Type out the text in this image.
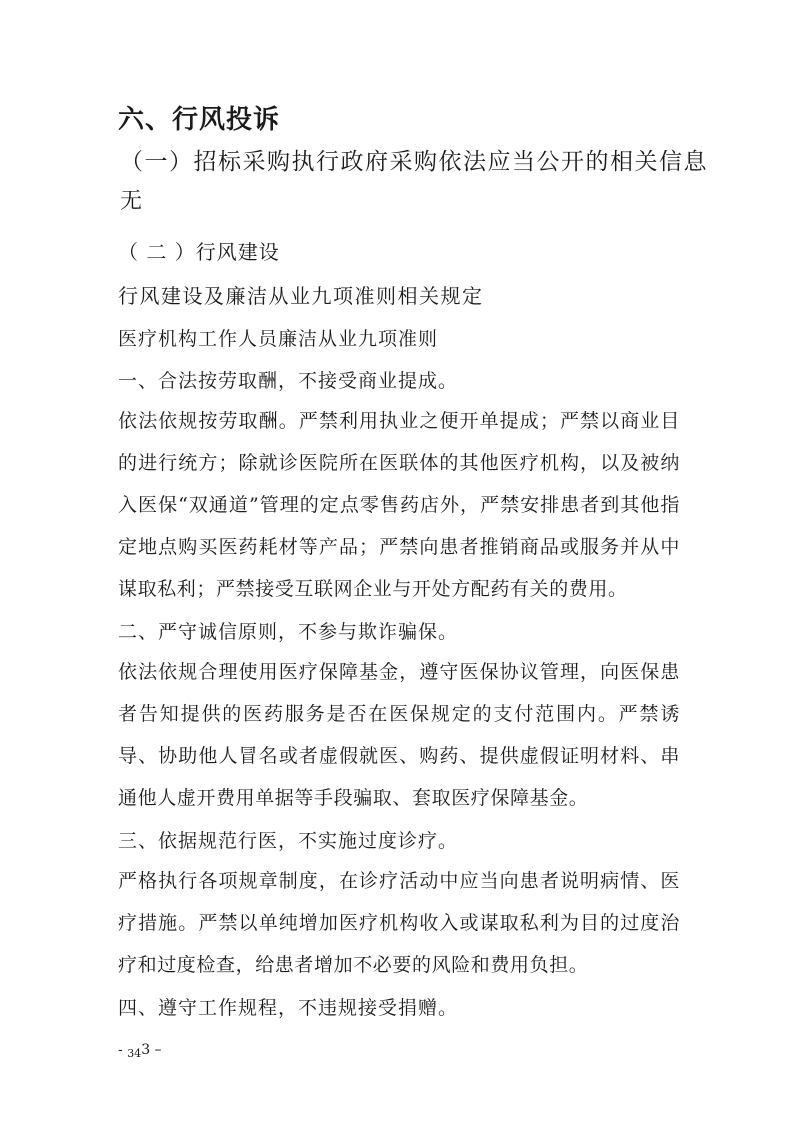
六、行风投诉
（一）招标采购执行政府采购依法应当公开的相关信息
无
（ 二 ）行风建设
行风建设及廉洁从业九项准则相关规定
医疗机构工作人员廉洁从业九项准则
一、合法按劳取酬，不接受商业提成。
依法依规按劳取酬。严禁利用执业之便开单提成；严禁以商业目的进行统方；除就诊医院所在医联体的其他医疗机构，以及被纳入医保“双通道”管理的定点零售药店外，严禁安排患者到其他指定地点购买医药耗材等产品；严禁向患者推销商品或服务并从中谋取私利；严禁接受互联网企业与开处方配药有关的费用。
二、严守诚信原则，不参与欺诈骗保。
依法依规合理使用医疗保障基金，遵守医保协议管理，向医保患者告知提供的医药服务是否在医保规定的支付范围内。严禁诱导、协助他人冒名或者虚假就医、购药、提供虚假证明材料、串通他人虚开费用单据等手段骗取、套取医疗保障基金。
三、依据规范行医，不实施过度诊疗。
严格执行各项规章制度，在诊疗活动中应当向患者说明病情、医疗措施。严禁以单纯增加医疗机构收入或谋取私利为目的过度治疗和过度检查，给患者增加不必要的风险和费用负担。
四、遵守工作规程，不违规接受捐赠。
- $_{34}$3 –
